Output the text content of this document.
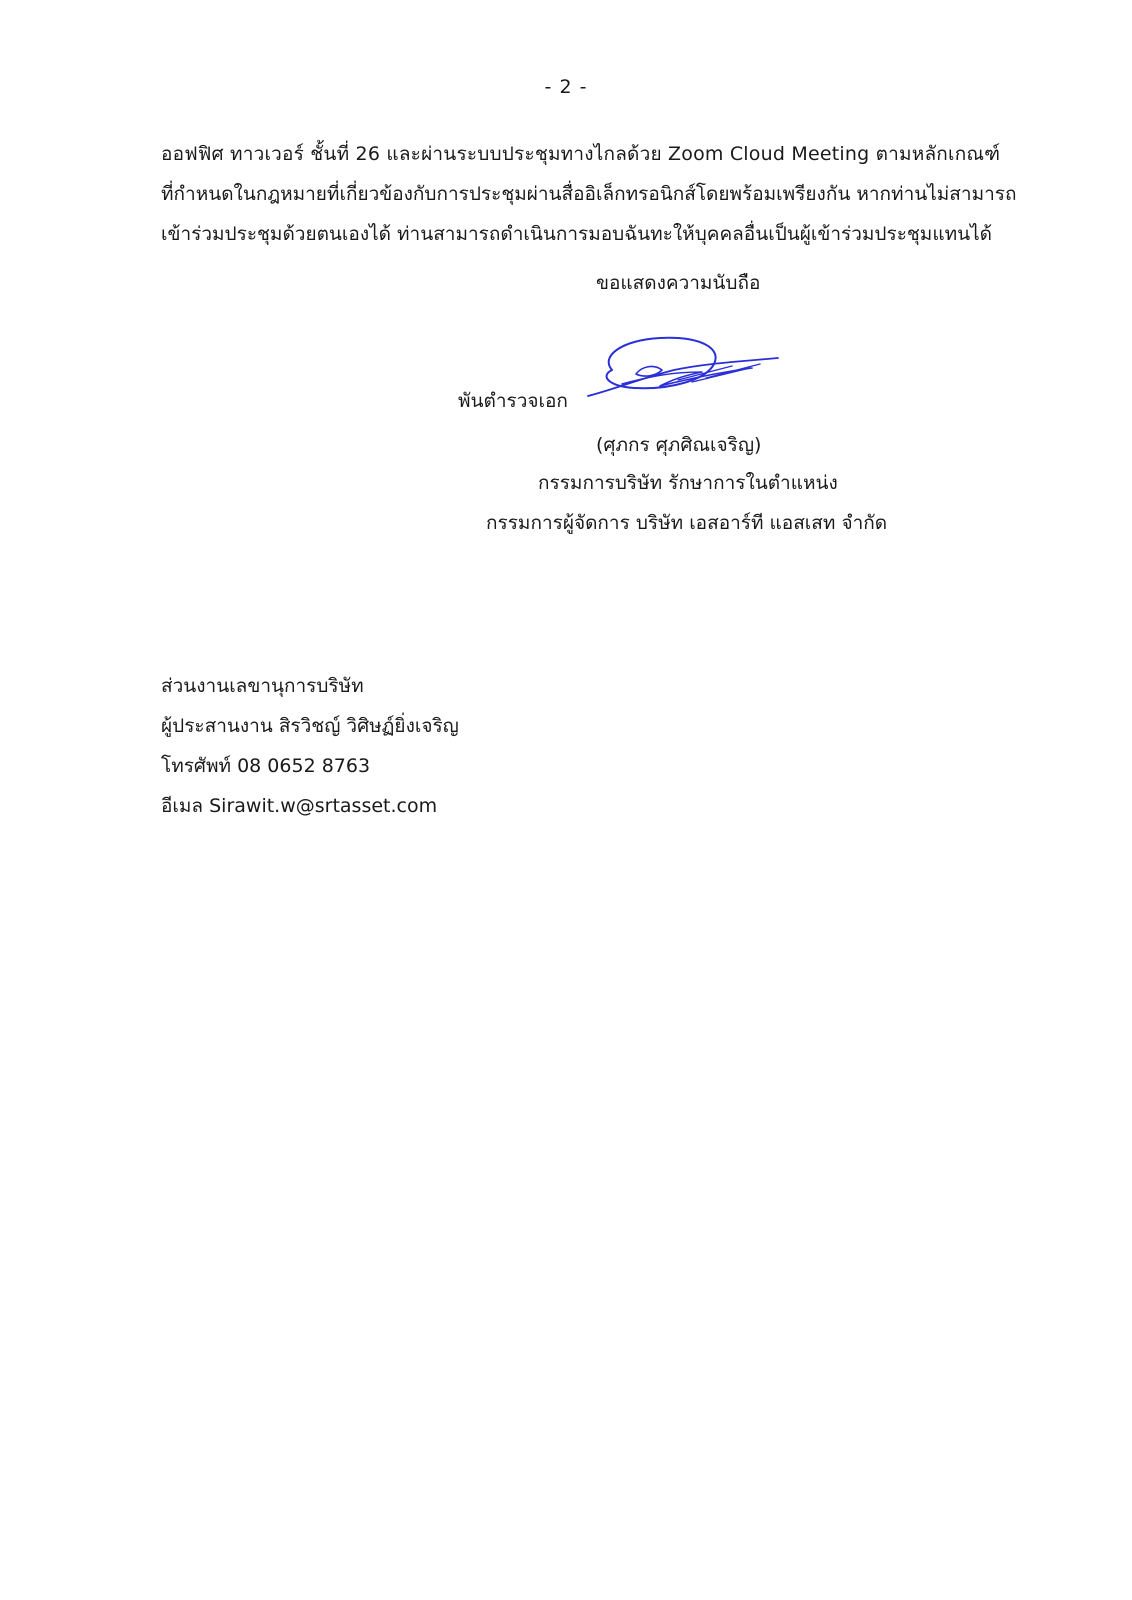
- 2 -
ออฟฟิศ ทาวเวอร์ ชั้นที่ 26 และผ่านระบบประชุมทางไกลด้วย Zoom Cloud Meeting ตามหลักเกณฑ์
ที่กำหนดในกฎหมายที่เกี่ยวข้องกับการประชุมผ่านสื่ออิเล็กทรอนิกส์โดยพร้อมเพรียงกัน หากท่านไม่สามารถ
เข้าร่วมประชุมด้วยตนเองได้ ท่านสามารถดำเนินการมอบฉันทะให้บุคคลอื่นเป็นผู้เข้าร่วมประชุมแทนได้
ขอแสดงความนับถือ
พันตำรวจเอก
(ศุภกร ศุภศิณเจริญ)
กรรมการบริษัท รักษาการในตำแหน่ง
กรรมการผู้จัดการ บริษัท เอสอาร์ที แอสเสท จำกัด
ส่วนงานเลขานุการบริษัท
ผู้ประสานงาน สิรวิชญ์ วิศิษฏ์ยิ่งเจริญ
โทรศัพท์ 08 0652 8763
อีเมล Sirawit.w@srtasset.com
